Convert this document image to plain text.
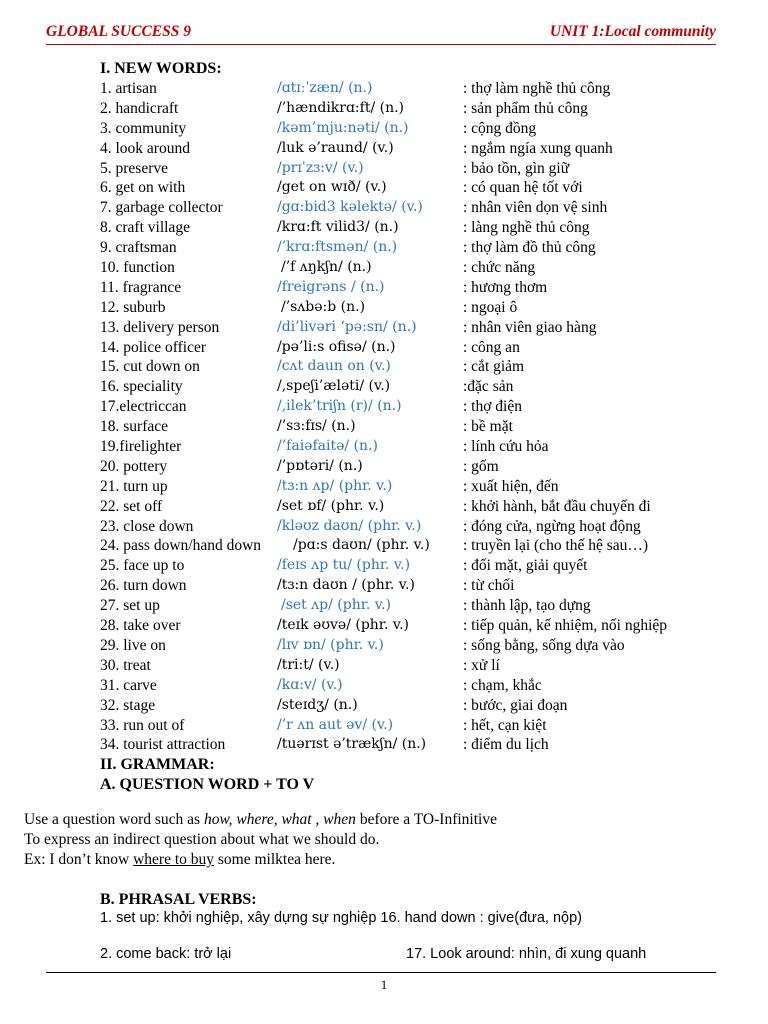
GLOBAL SUCCESS 9	UNIT 1:Local community
I. NEW WORDS:
1. artisan	/ɑtɪːˈzæn/ (n.)	: thợ làm nghề thủ công
2. handicraft	/’hændikrɑ:ft/ (n.)	: sản phẩm thủ công
3. community	/kəm’mju:nəti/ (n.)	: cộng đồng
4. look around	/luk ə’raund/ (v.)	: ngắm ngía xung quanh
5. preserve	/prɪˈzɜ:v/ (v.)	: bảo tồn, gìn giữ
6. get on with	/get on wɪð/ (v.)	: có quan hệ tốt với
7. garbage collector	/gɑ:bid3 kəlektə/ (v.)	: nhân viên dọn vệ sinh
8. craft village	/krɑ:ft vilid3/ (n.)	: làng nghề thủ công
9. craftsman	/’krɑ:ftsmən/ (n.)	: thợ làm đồ thủ công
10. function	/’f ʌŋkʃn/ (n.)	: chức năng
11. fragrance	/freigrəns / (n.)	: hương thơm
12. suburb	/’sʌbə:b (n.)	: ngoại ô
13. delivery person	/di’livəri ‘pə:sn/ (n.)	: nhân viên giao hàng
14. police officer	/pə’li:s ofisə/ (n.)	: công an
15. cut down on	/cʌt daun on (v.)	: cắt giảm
16. speciality	/,speʃi’æləti/ (v.)	:đặc sản
17.electriccan	/,ilek’triʃn (r)/ (n.)	: thợ điện
18. surface	/’sɜ:fɪs/ (n.)	: bề mặt
19.firelighter	/’faiəfaitə/ (n.)	: lính cứu hỏa
20. pottery	/’pɒtəri/ (n.)	: gốm
21. turn up	/tɜ:n ʌp/ (phr. v.)	: xuất hiện, đến
22. set off	/set ɒf/ (phr. v.)	: khởi hành, bắt đầu chuyến đi
23. close down	/kləʊz daʊn/ (phr. v.)	: đóng cửa, ngừng hoạt động
24. pass down/hand down /pɑ:s daʊn/ (phr. v.) : truyền lại (cho thế hệ sau…)
25. face up to	/feɪs ʌp tu/ (phr. v.)	: đối mặt, giải quyết
26. turn down	/tɜ:n daʊn / (phr. v.)	: từ chối
27. set up	/set ʌp/ (phr. v.)	: thành lập, tạo dựng
28. take over	/teɪk əʊvə/ (phr. v.)	: tiếp quản, kế nhiệm, nối nghiệp
29. live on	/lɪv ɒn/ (phr. v.)	: sống bằng, sống dựa vào
30. treat	/tri:t/ (v.)	: xử lí
31. carve	/kɑ:v/ (v.)	: chạm, khắc
32. stage	/steɪdʒ/ (n.)	: bước, giai đoạn
33. run out of	/’r ʌn aut əv/ (v.)	: hết, cạn kiệt
34. tourist attraction	/tuərɪst ə’trækʃn/ (n.) : điểm du lịch
II. GRAMMAR:
A. QUESTION WORD + TO V
Use a question word such as how, where, what , when before a TO-Infinitive
To express an indirect question about what we should do.
Ex: I don’t know where to buy some milktea here.
B. PHRASAL VERBS:
1. set up: khởi nghiệp, xây dựng sự nghiệp 16. hand down : give(đưa, nộp)
2. come back: trở lại	17. Look around: nhìn, đi xung quanh
1
